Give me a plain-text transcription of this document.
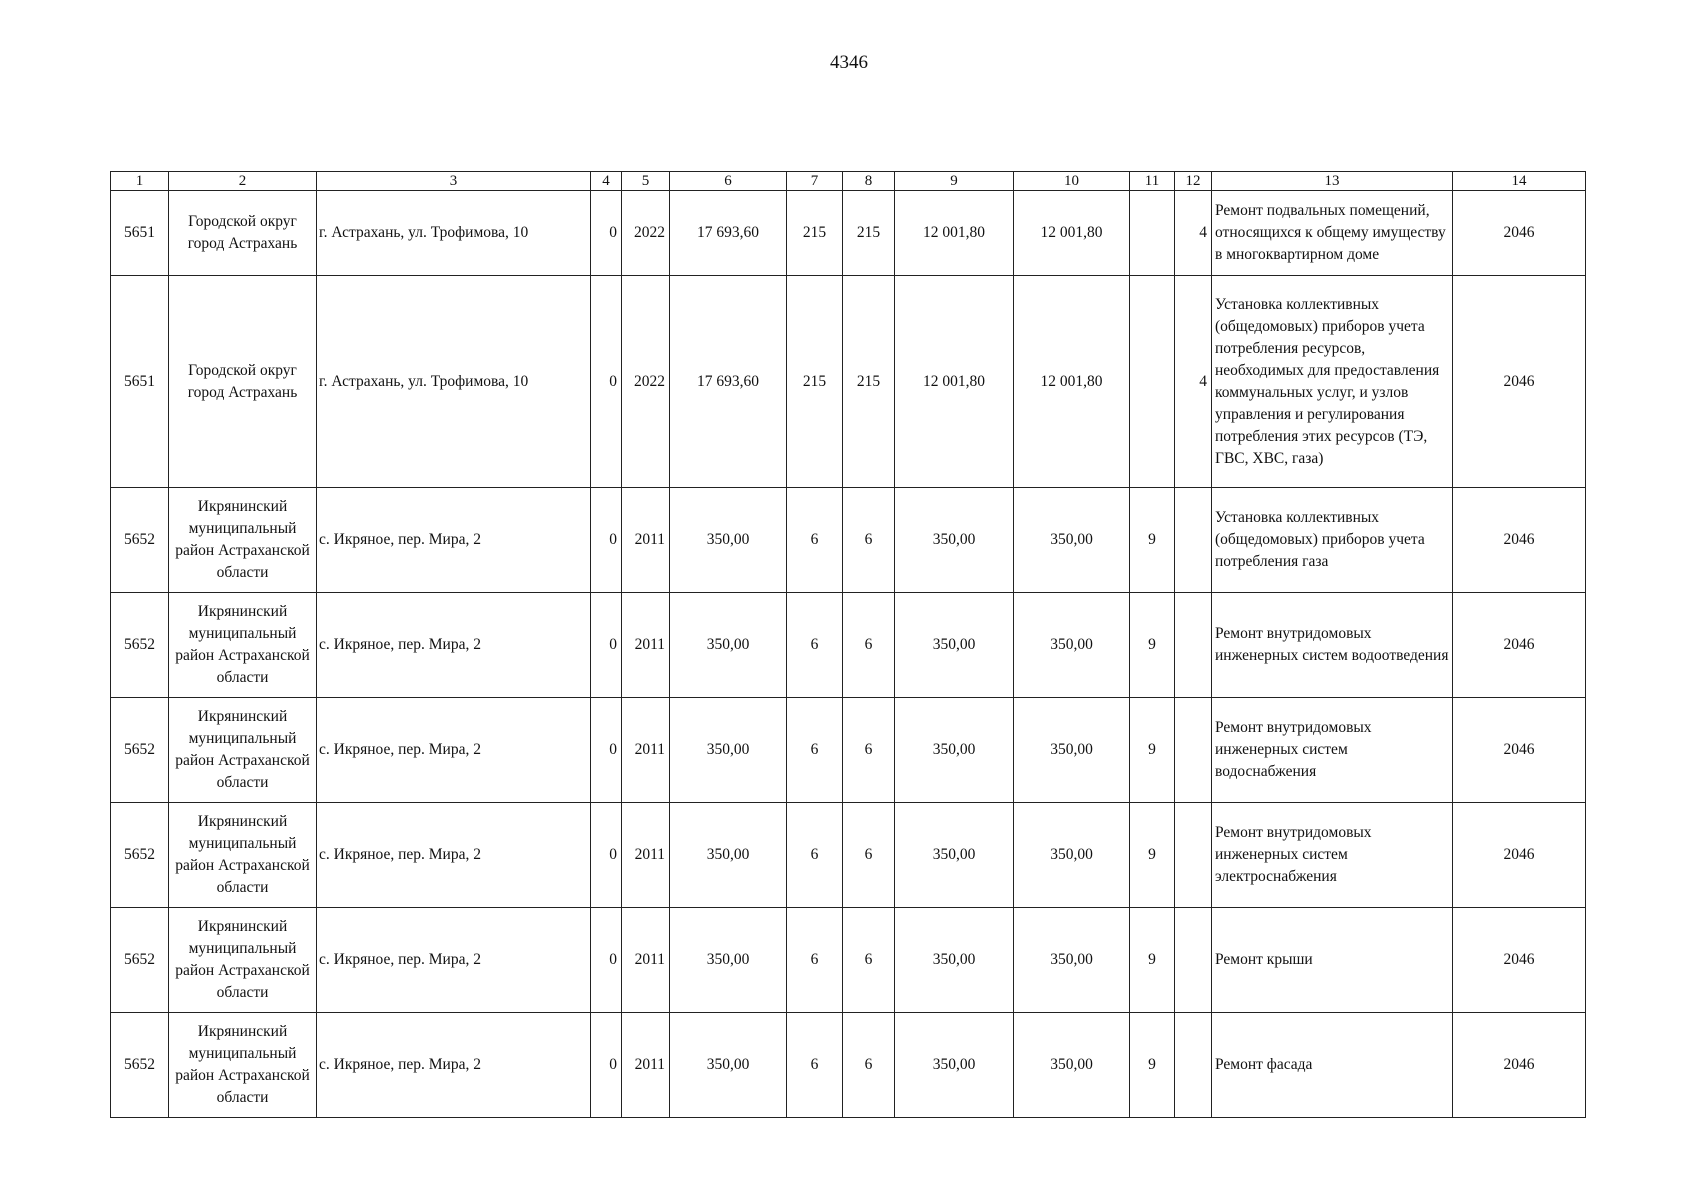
4346
1	2	3	4	5	6	7	8	9	10	11	12	13	14
5651	Городской округ город Астрахань	г. Астрахань, ул. Трофимова, 10	0	2022	17 693,60	215	215	12 001,80	12 001,80		4	Ремонт подвальных помещений, относящихся к общему имуществу в многоквартирном доме	2046
5651	Городской округ город Астрахань	г. Астрахань, ул. Трофимова, 10	0	2022	17 693,60	215	215	12 001,80	12 001,80		4	Установка коллективных (общедомовых) приборов учета потребления ресурсов, необходимых для предоставления коммунальных услуг, и узлов управления и регулирования потребления этих ресурсов (ТЭ, ГВС, ХВС, газа)	2046
5652	Икрянинский муниципальный район Астраханской области	с. Икряное, пер. Мира, 2	0	2011	350,00	6	6	350,00	350,00	9		Установка коллективных (общедомовых) приборов учета потребления газа	2046
5652	Икрянинский муниципальный район Астраханской области	с. Икряное, пер. Мира, 2	0	2011	350,00	6	6	350,00	350,00	9		Ремонт внутридомовых инженерных систем водоотведения	2046
5652	Икрянинский муниципальный район Астраханской области	с. Икряное, пер. Мира, 2	0	2011	350,00	6	6	350,00	350,00	9		Ремонт внутридомовых инженерных систем водоснабжения	2046
5652	Икрянинский муниципальный район Астраханской области	с. Икряное, пер. Мира, 2	0	2011	350,00	6	6	350,00	350,00	9		Ремонт внутридомовых инженерных систем электроснабжения	2046
5652	Икрянинский муниципальный район Астраханской области	с. Икряное, пер. Мира, 2	0	2011	350,00	6	6	350,00	350,00	9		Ремонт крыши	2046
5652	Икрянинский муниципальный район Астраханской области	с. Икряное, пер. Мира, 2	0	2011	350,00	6	6	350,00	350,00	9		Ремонт фасада	2046
